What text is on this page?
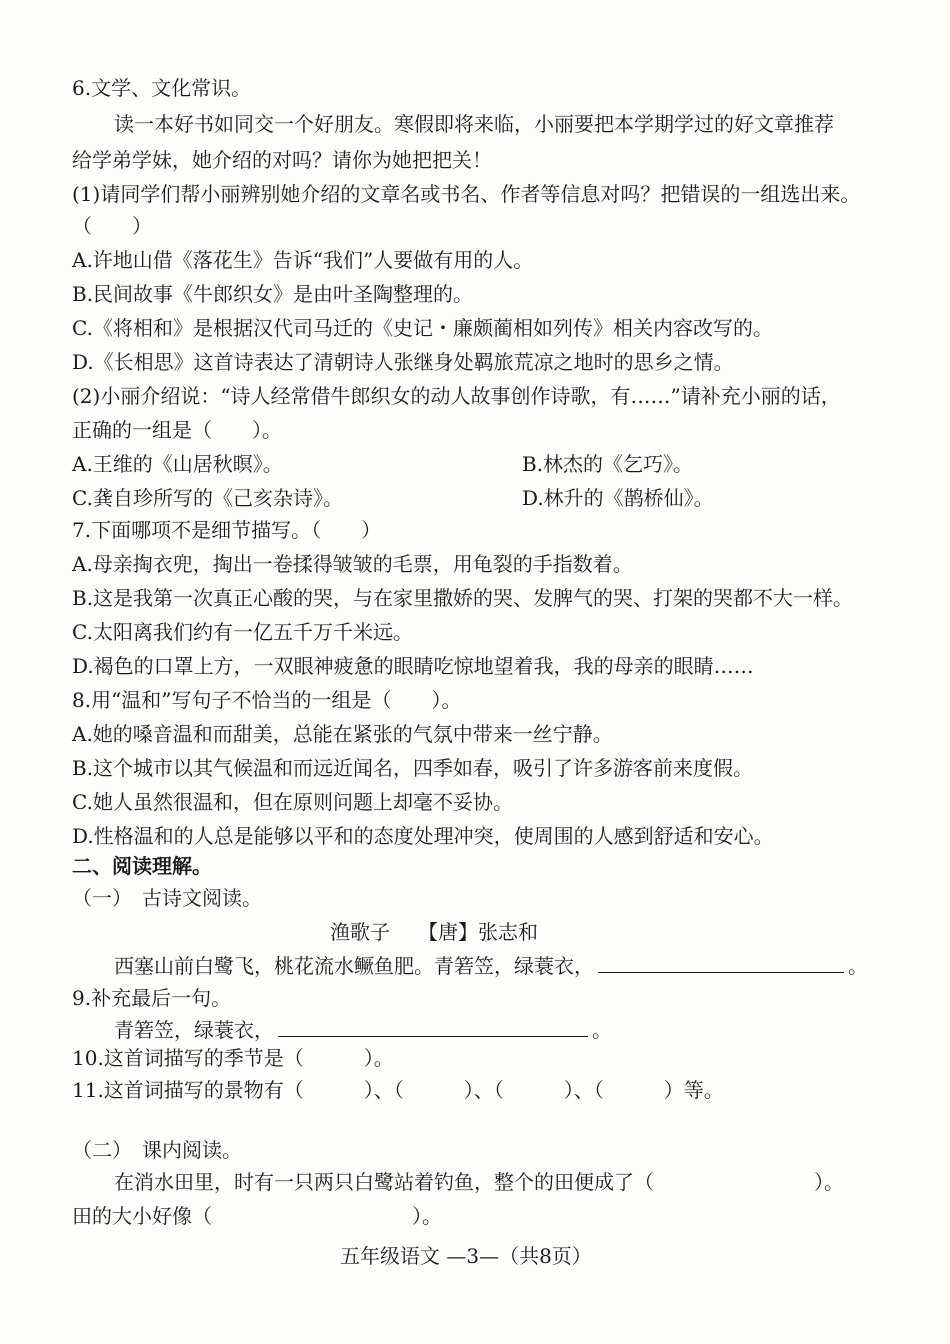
6.文学、文化常识。
读一本好书如同交一个好朋友。寒假即将来临，小丽要把本学期学过的好文章推荐
给学弟学妹，她介绍的对吗？请你为她把把关！
(1)请同学们帮小丽辨别她介绍的文章名或书名、作者等信息对吗？把错误的一组选出来。
（　　）
A.许地山借《落花生》告诉“我们”人要做有用的人。
B.民间故事《牛郎织女》是由叶圣陶整理的。
C.《将相和》是根据汉代司马迁的《史记・廉颇蔺相如列传》相关内容改写的。
D.《长相思》这首诗表达了清朝诗人张继身处羁旅荒凉之地时的思乡之情。
(2)小丽介绍说：“诗人经常借牛郎织女的动人故事创作诗歌，有……”请补充小丽的话，
正确的一组是（　　）。
A.王维的《山居秋暝》。	B.林杰的《乞巧》。
C.龚自珍所写的《己亥杂诗》。	D.林升的《鹊桥仙》。
7.下面哪项不是细节描写。（　　）
A.母亲掏衣兜，掏出一卷揉得皱皱的毛票，用龟裂的手指数着。
B.这是我第一次真正心酸的哭，与在家里撒娇的哭、发脾气的哭、打架的哭都不大一样。
C.太阳离我们约有一亿五千万千米远。
D.褐色的口罩上方，一双眼神疲惫的眼睛吃惊地望着我，我的母亲的眼睛……
8.用“温和”写句子不恰当的一组是（　　）。
A.她的嗓音温和而甜美，总能在紧张的气氛中带来一丝宁静。
B.这个城市以其气候温和而远近闻名，四季如春，吸引了许多游客前来度假。
C.她人虽然很温和，但在原则问题上却毫不妥协。
D.性格温和的人总是能够以平和的态度处理冲突，使周围的人感到舒适和安心。
二、阅读理解。
（一）　古诗文阅读。
渔歌子 【唐】张志和
西塞山前白鹭飞，桃花流水鳜鱼肥。青箬笠，绿蓑衣，	。
9.补充最后一句。
青箬笠，绿蓑衣，	。
10.这首词描写的季节是（　　　）。
11.这首词描写的景物有（　　　）、（　　　）、（　　　）、（　　　）等。
（二）　课内阅读。
在消水田里，时有一只两只白鹭站着钓鱼，整个的田便成了（　　　　　　　　）。
田的大小好像（　　　　　　　　　　）。
五年级语文 —3—（共8页）
